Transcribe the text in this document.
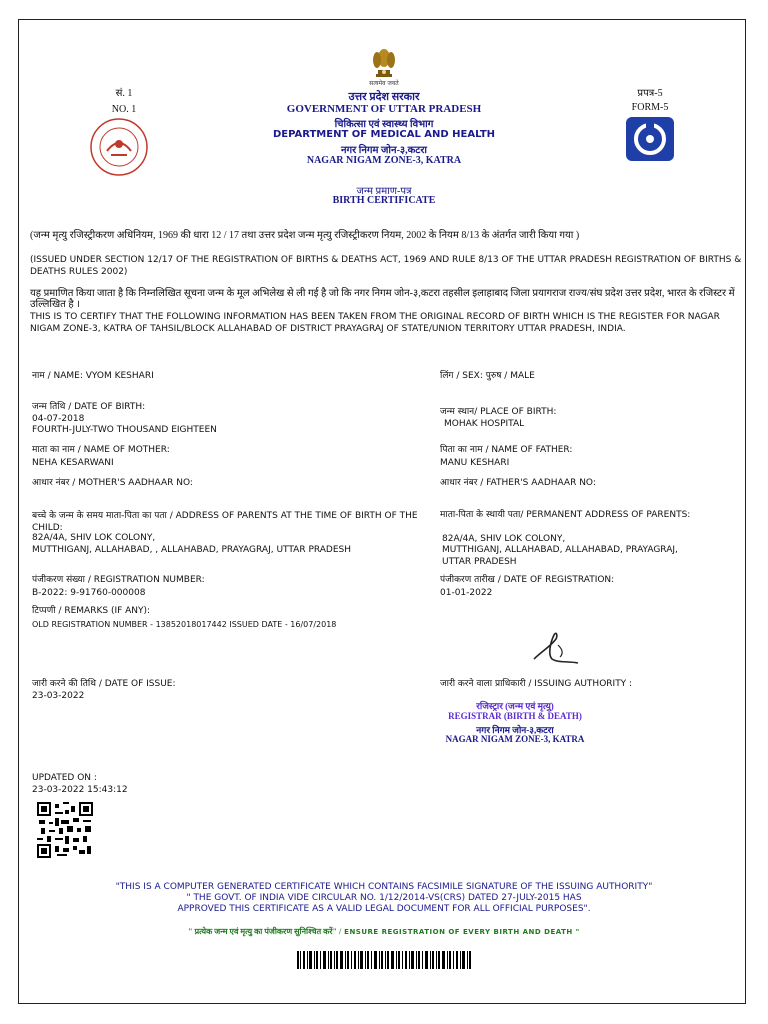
सत्यमेव जयते
सं. 1
NO. 1
उत्तर प्रदेश सरकार
GOVERNMENT OF UTTAR PRADESH
चिकित्सा एवं स्वास्थ्य विभाग
DEPARTMENT OF MEDICAL AND HEALTH
नगर निगम जोन-३,कटरा
NAGAR NIGAM ZONE-3, KATRA
प्रपत्र-5
FORM-5
जन्म प्रमाण-पत्र
BIRTH CERTIFICATE
(जन्म मृत्यु रजिस्ट्रीकरण अधिनियम, 1969 की धारा 12 / 17 तथा उत्तर प्रदेश जन्म मृत्यु रजिस्ट्रीकरण नियम, 2002 के नियम 8/13 के अंतर्गत जारी किया गया )
(ISSUED UNDER SECTION 12/17 OF THE REGISTRATION OF BIRTHS & DEATHS ACT, 1969 AND RULE 8/13 OF THE UTTAR PRADESH REGISTRATION OF BIRTHS & DEATHS RULES 2002)
यह प्रमाणित किया जाता है कि निम्नलिखित सूचना जन्म के मूल अभिलेख से ली गई है जो कि नगर निगम जोन-३,कटरा तहसील इलाहाबाद जिला प्रयागराज राज्य/संघ प्रदेश उत्तर प्रदेश, भारत के रजिस्टर में उल्लिखित है ।
THIS IS TO CERTIFY THAT THE FOLLOWING INFORMATION HAS BEEN TAKEN FROM THE ORIGINAL RECORD OF BIRTH WHICH IS THE REGISTER FOR NAGAR NIGAM ZONE-3, KATRA OF TAHSIL/BLOCK ALLAHABAD OF DISTRICT PRAYAGRAJ OF STATE/UNION TERRITORY UTTAR PRADESH, INDIA.
नाम / NAME: VYOM KESHARI	लिंग / SEX: पुरुष / MALE
जन्म तिथि / DATE OF BIRTH:
04-07-2018
FOURTH-JULY-TWO THOUSAND EIGHTEEN
जन्म स्थान/ PLACE OF BIRTH:
MOHAK HOSPITAL
माता का नाम / NAME OF MOTHER:
NEHA KESARWANI
पिता का नाम / NAME OF FATHER:
MANU KESHARI
आधार नंबर / MOTHER'S AADHAAR NO:	आधार नंबर / FATHER'S AADHAAR NO:
बच्चे के जन्म के समय माता-पिता का पता / ADDRESS OF PARENTS AT THE TIME OF BIRTH OF THE CHILD:
82A/4A, SHIV LOK COLONY,
MUTTHIGANJ, ALLAHABAD, , ALLAHABAD, PRAYAGRAJ, UTTAR PRADESH
माता-पिता के स्थायी पता/ PERMANENT ADDRESS OF PARENTS:
82A/4A, SHIV LOK COLONY,
MUTTHIGANJ, ALLAHABAD, ALLAHABAD, PRAYAGRAJ,
UTTAR PRADESH
पंजीकरण संख्या / REGISTRATION NUMBER:
B-2022: 9-91760-000008
पंजीकरण तारीख / DATE OF REGISTRATION:
01-01-2022
टिप्पणी / REMARKS (IF ANY):
OLD REGISTRATION NUMBER - 13852018017442 ISSUED DATE - 16/07/2018
जारी करने की तिथि / DATE OF ISSUE:
23-03-2022
जारी करने वाला प्राधिकारी / ISSUING AUTHORITY :
रजिस्ट्रार (जन्म एवं मृत्यु)
REGISTRAR (BIRTH & DEATH)
नगर निगम जोन-३,कटरा
NAGAR NIGAM ZONE-3, KATRA
UPDATED ON :
23-03-2022 15:43:12
"THIS IS A COMPUTER GENERATED CERTIFICATE WHICH CONTAINS FACSIMILE SIGNATURE OF THE ISSUING AUTHORITY"
" THE GOVT. OF INDIA VIDE CIRCULAR NO. 1/12/2014-VS(CRS) DATED 27-JULY-2015 HAS
APPROVED THIS CERTIFICATE AS A VALID LEGAL DOCUMENT FOR ALL OFFICIAL PURPOSES".
" प्रत्येक जन्म एवं मृत्यु का पंजीकरण सुनिश्चित करें" / ENSURE REGISTRATION OF EVERY BIRTH AND DEATH "
